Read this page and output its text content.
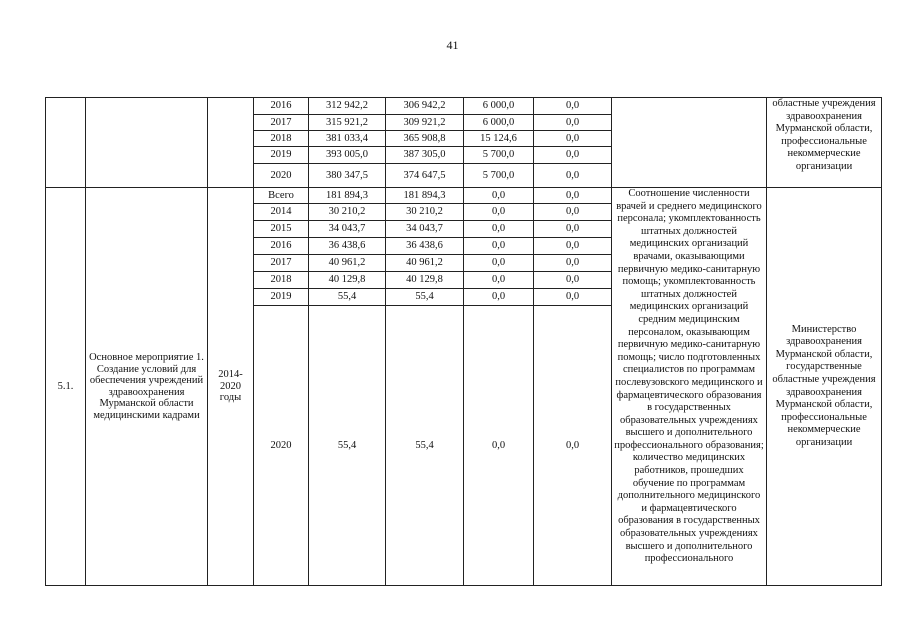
41
			2016	312 942,2	306 942,2	6 000,0	0,0		областные учреждения здравоохранения Мурманской области, профессиональные некоммерческие организации
			2017	315 921,2	309 921,2	6 000,0	0,0		
			2018	381 033,4	365 908,8	15 124,6	0,0		
			2019	393 005,0	387 305,0	5 700,0	0,0		
			2020	380 347,5	374 647,5	5 700,0	0,0		
5.1.	Основное мероприятие 1. Создание условий для обеспечения учреждений здравоохранения Мурманской области медицинскими кадрами	2014-2020 годы	Всего	181 894,3	181 894,3	0,0	0,0	Соотношение численности врачей и среднего медицинского персонала; укомплектованность штатных должностей медицинских организаций врачами, оказывающими первичную медико-санитарную помощь; укомплектованность штатных должностей медицинских организаций средним медицинским персоналом, оказывающим первичную медико-санитарную помощь; число подготовленных специалистов по программам послевузовского медицинского и фармацевтического образования в государственных образовательных учреждениях высшего и дополнительного профессионального образования; количество медицинских работников, прошедших обучение по программам дополнительного медицинского и фармацевтического образования в государственных образовательных учреждениях высшего и дополнительного профессионального	Министерство здравоохранения Мурманской области, государственные областные учреждения здравоохранения Мурманской области, профессиональные некоммерческие организации
			2014	30 210,2	30 210,2	0,0	0,0		
			2015	34 043,7	34 043,7	0,0	0,0		
			2016	36 438,6	36 438,6	0,0	0,0		
			2017	40 961,2	40 961,2	0,0	0,0		
			2018	40 129,8	40 129,8	0,0	0,0		
			2019	55,4	55,4	0,0	0,0		
			2020	55,4	55,4	0,0	0,0		
